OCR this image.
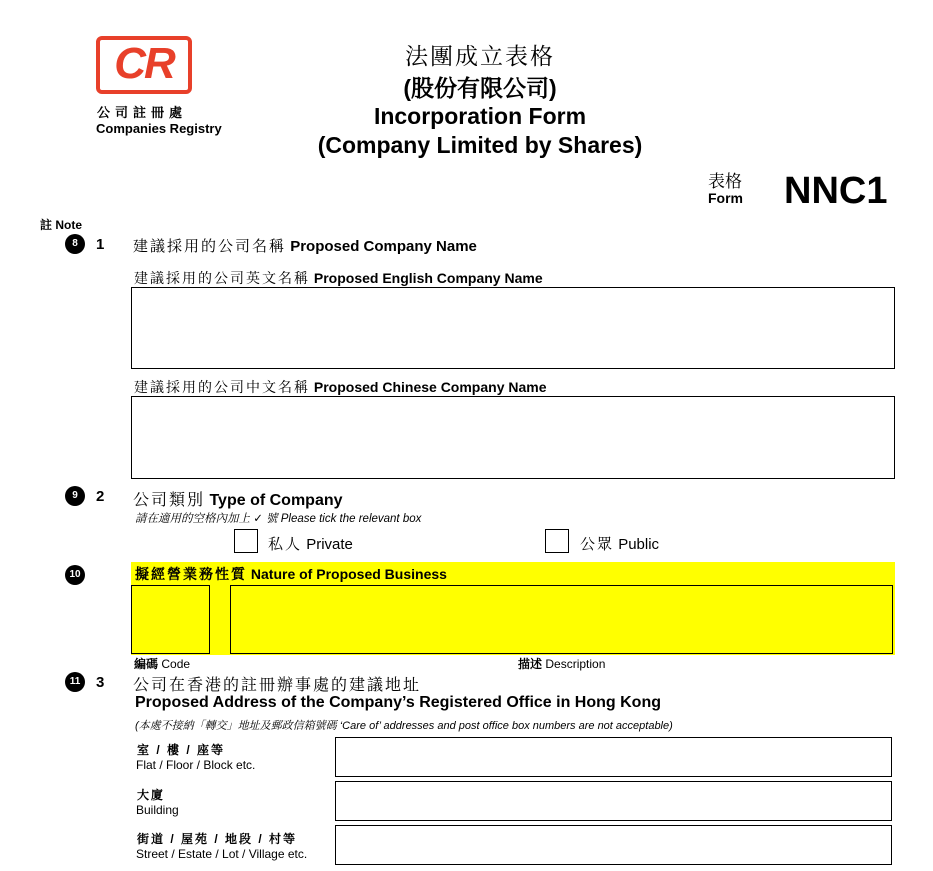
CR
公司註冊處
Companies Registry
法團成立表格
(股份有限公司)
Incorporation Form
(Company Limited by Shares)
表格
Form NNC1
註 Note
8	1 建議採用的公司名稱 Proposed Company Name
建議採用的公司英文名稱 Proposed English Company Name
建議採用的公司中文名稱 Proposed Chinese Company Name
9	2 公司類別 Type of Company
請在適用的空格內加上 ✓ 號 Please tick the relevant box
私人 Private	公眾 Public
10	擬經營業務性質 Nature of Proposed Business
編碼 Code	描述 Description
11	3 公司在香港的註冊辦事處的建議地址
Proposed Address of the Company’s Registered Office in Hong Kong
(本處不接納「轉交」地址及郵政信箱號碼 ‘Care of’ addresses and post office box numbers are not acceptable)
室 / 樓 / 座等
Flat / Floor / Block etc.
大廈
Building
街道 / 屋苑 / 地段 / 村等
Street / Estate / Lot / Village etc.
